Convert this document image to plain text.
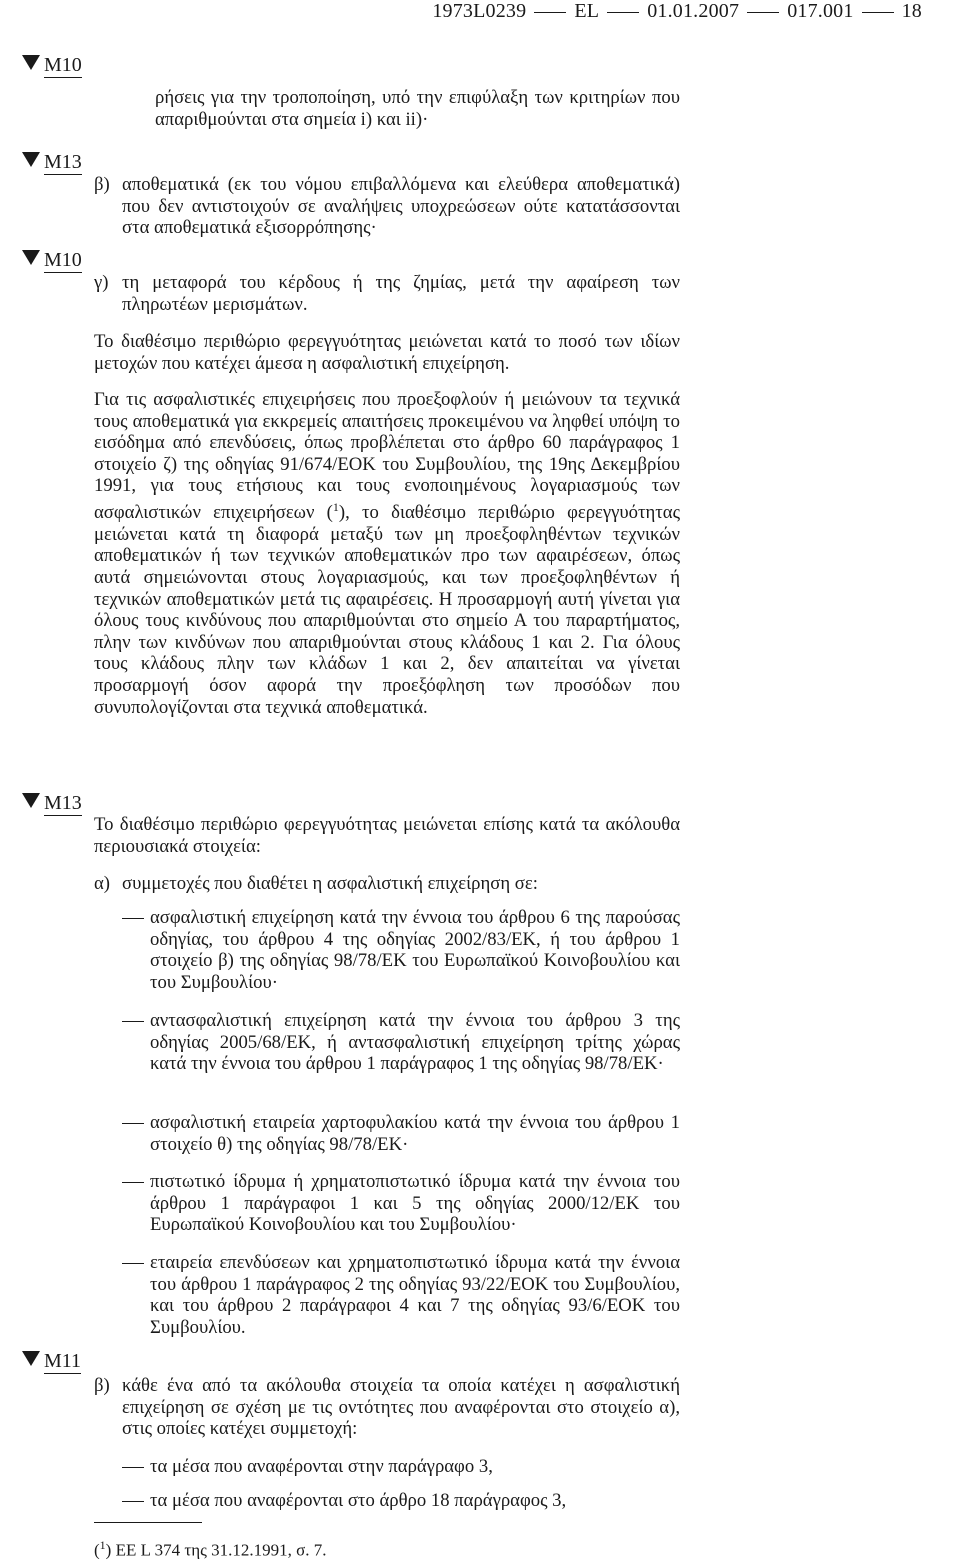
1973L0239 EL 01.01.2007 017.001 18
M10
M13
M10
M13
M11

ρήσεις για την τροποποίηση, υπό την επιφύλαξη των κριτηρίων που απαριθμούνται στα σημεία i) και ii)·

β) αποθεματικά (εκ του νόμου επιβαλλόμενα και ελεύθερα αποθεματικά) που δεν αντιστοιχούν σε αναλήψεις υποχρεώσεων ούτε κατατάσσονται στα αποθεματικά εξισορρόπησης·

γ) τη μεταφορά του κέρδους ή της ζημίας, μετά την αφαίρεση των πληρωτέων μερισμάτων.

Το διαθέσιμο περιθώριο φερεγγυότητας μειώνεται κατά το ποσό των ιδίων μετοχών που κατέχει άμεσα η ασφαλιστική επιχείρηση.

Για τις ασφαλιστικές επιχειρήσεις που προεξοφλούν ή μειώνουν τα τεχνικά τους αποθεματικά για εκκρεμείς απαιτήσεις προκειμένου να ληφθεί υπόψη το εισόδημα από επενδύσεις, όπως προβλέπεται στο άρθρο 60 παράγραφος 1 στοιχείο ζ) της οδηγίας 91/674/ΕΟΚ του Συμβουλίου, της 19ης Δεκεμβρίου 1991, για τους ετήσιους και τους ενοποιημένους λογαριασμούς των ασφαλιστικών επιχειρήσεων ($^1$), το διαθέσιμο περιθώριο φερεγγυότητας μειώνεται κατά τη διαφορά μεταξύ των μη προεξοφληθέντων τεχνικών αποθεματικών ή των τεχνικών αποθεματικών προ των αφαιρέσεων, όπως αυτά σημειώνονται στους λογαριασμούς, και των προεξοφληθέντων ή τεχνικών αποθεματικών μετά τις αφαιρέσεις. Η προσαρμογή αυτή γίνεται για όλους τους κινδύνους που απαριθμούνται στο σημείο Α του παραρτήματος, πλην των κινδύνων που απαριθμούνται στους κλάδους 1 και 2. Για όλους τους κλάδους πλην των κλάδων 1 και 2, δεν απαιτείται να γίνεται προσαρμογή όσον αφορά την προεξόφληση των προσόδων που συνυπολογίζονται στα τεχνικά αποθεματικά.

Το διαθέσιμο περιθώριο φερεγγυότητας μειώνεται επίσης κατά τα ακόλουθα περιουσιακά στοιχεία:

α) συμμετοχές που διαθέτει η ασφαλιστική επιχείρηση σε:

ασφαλιστική επιχείρηση κατά την έννοια του άρθρου 6 της παρούσας οδηγίας, του άρθρου 4 της οδηγίας 2002/83/ΕΚ, ή του άρθρου 1 στοιχείο β) της οδηγίας 98/78/ΕΚ του Ευρωπαϊκού Κοινοβουλίου και του Συμβουλίου·

αντασφαλιστική επιχείρηση κατά την έννοια του άρθρου 3 της οδηγίας 2005/68/ΕΚ, ή αντασφαλιστική επιχείρηση τρίτης χώρας κατά την έννοια του άρθρου 1 παράγραφος 1 της οδηγίας 98/78/ΕΚ·

ασφαλιστική εταιρεία χαρτοφυλακίου κατά την έννοια του άρθρου 1 στοιχείο θ) της οδηγίας 98/78/ΕΚ·

πιστωτικό ίδρυμα ή χρηματοπιστωτικό ίδρυμα κατά την έννοια του άρθρου 1 παράγραφοι 1 και 5 της οδηγίας 2000/12/ΕΚ του Ευρωπαϊκού Κοινοβουλίου και του Συμβουλίου·

εταιρεία επενδύσεων και χρηματοπιστωτικό ίδρυμα κατά την έννοια του άρθρου 1 παράγραφος 2 της οδηγίας 93/22/ΕΟΚ του Συμβουλίου, και του άρθρου 2 παράγραφοι 4 και 7 της οδηγίας 93/6/ΕΟΚ του Συμβουλίου.

β) κάθε ένα από τα ακόλουθα στοιχεία τα οποία κατέχει η ασφαλιστική επιχείρηση σε σχέση με τις οντότητες που αναφέρονται στο στοιχείο α), στις οποίες κατέχει συμμετοχή:

τα μέσα που αναφέρονται στην παράγραφο 3,

τα μέσα που αναφέρονται στο άρθρο 18 παράγραφος 3,

($^1$) ΕΕ L 374 της 31.12.1991, σ. 7.
